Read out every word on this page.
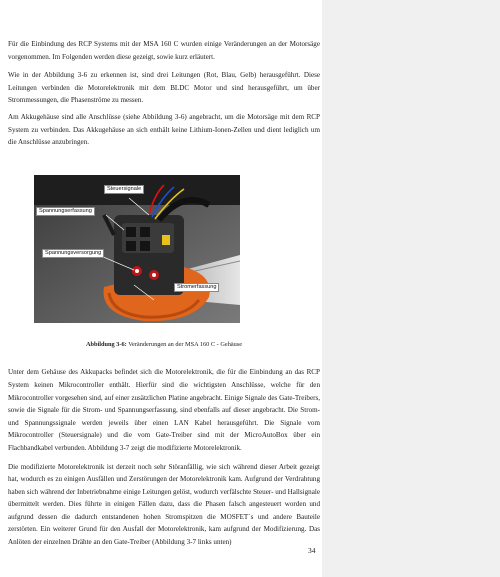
Für die Einbindung des RCP Systems mit der MSA 160 C wurden einige Veränderungen an der Motorsäge vorgenommen. Im Folgenden werden diese gezeigt, sowie kurz erläutert.

Wie in der Abbildung 3-6 zu erkennen ist, sind drei Leitungen (Rot, Blau, Gelb) herausgeführt. Diese Leitungen verbinden die Motorelektronik mit dem BLDC Motor und sind herausgeführt, um über Strommessungen, die Phasenströme zu messen.

Am Akkugehäuse sind alle Anschlüsse (siehe Abbildung 3-6) angebracht, um die Motorsäge mit dem RCP System zu verbinden. Das Akkugehäuse an sich enthält keine Lithium-Ionen-Zellen und dient lediglich um die Anschlüsse anzubringen.

Steuersignale
Spannungserfassung
Spannungsversorgung
Stromerfassung
Abbildung 3-6: Veränderungen an der MSA 160 C - Gehäuse

Unter dem Gehäuse des Akkupacks befindet sich die Motorelektronik, die für die Einbindung an das RCP System keinen Mikrocontroller enthält. Hierfür sind die wichtigsten Anschlüsse, welche für den Mikrocontroller vorgesehen sind, auf einer zusätzlichen Platine angebracht. Einige Signale des Gate-Treibers, sowie die Signale für die Strom- und Spannungserfassung, sind ebenfalls auf dieser angebracht. Die Strom- und Spannungssignale werden jeweils über einen LAN Kabel herausgeführt. Die Signale vom Mikrocontroller (Steuersignale) und die vom Gate-Treiber sind mit der MicroAutoBox über ein Flachbandkabel verbunden. Abbildung 3-7 zeigt die modifizierte Motorelektronik.

Die modifizierte Motorelektronik ist derzeit noch sehr Störanfällig, wie sich während dieser Arbeit gezeigt hat, wodurch es zu einigen Ausfällen und Zerstörungen der Motorelektronik kam. Aufgrund der Verdrahtung haben sich während der Inbetriebnahme einige Leitungen gelöst, wodurch verfälschte Steuer- und Hallsignale übermittelt werden. Dies führte in einigen Fällen dazu, dass die Phasen falsch angesteuert worden und aufgrund dessen die dadurch entstandenen hohen Stromspitzen die MOSFET´s und andere Bauteile zerstörten. Ein weiterer Grund für den Ausfall der Motorelektronik, kam aufgrund der Modifizierung. Das Anlöten der einzelnen Drähte an den Gate-Treiber (Abbildung 3-7 links unten)

34
